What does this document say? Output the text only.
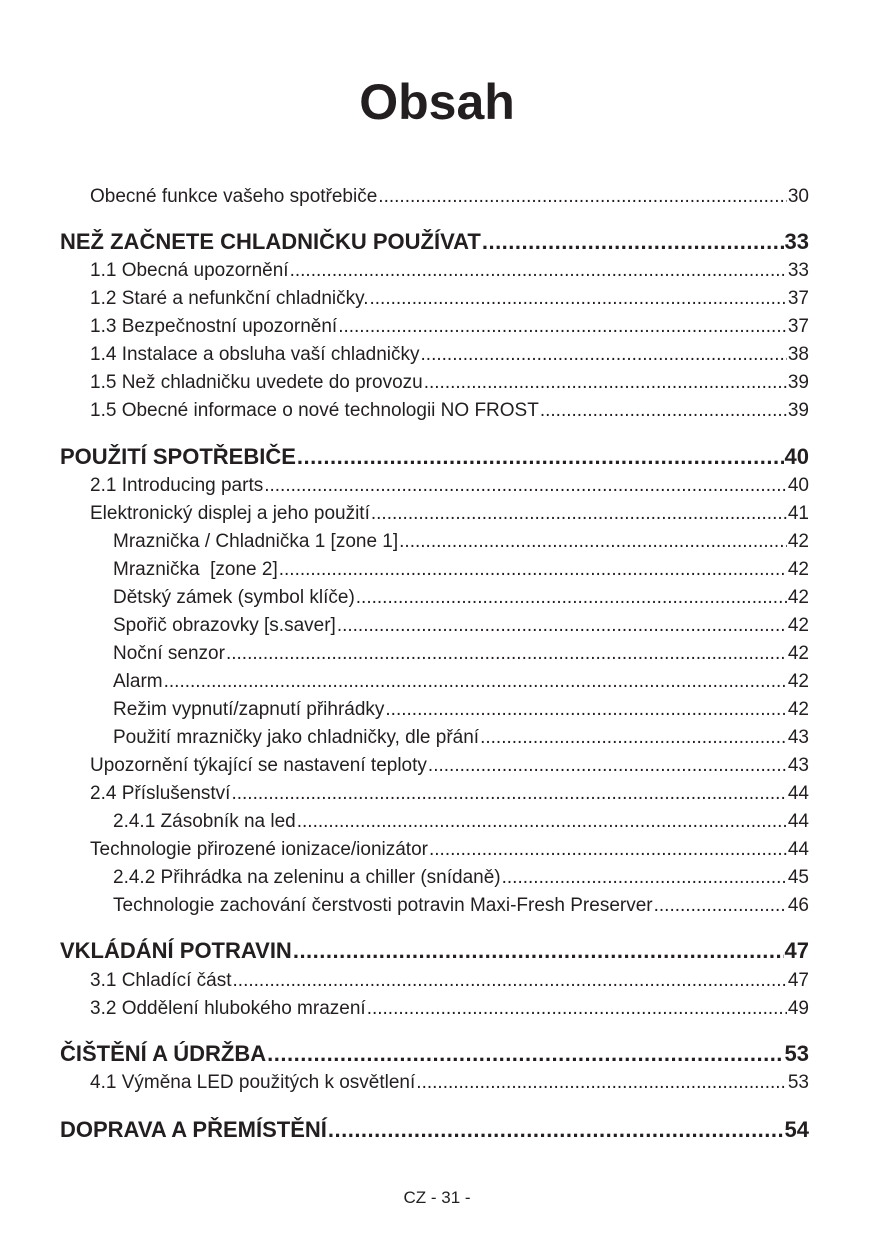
Obsah
Obecné funkce vašeho spotřebiče .....	30
NEŽ ZAČNETE CHLADNIČKU POUŽÍVAT .....	33
1.1 Obecná upozornění .....	33
1.2 Staré a nefunkční chladničky. .....	37
1.3 Bezpečnostní upozornění .....	37
1.4 Instalace a obsluha vaší chladničky .....	38
1.5 Než chladničku uvedete do provozu .....	39
1.5 Obecné informace o nové technologii NO FROST .....	39
POUŽITÍ SPOTŘEBIČE .....	40
2.1 Introducing parts .....	40
Elektronický displej a jeho použití .....	41
Mraznička / Chladnička 1 [zone 1] .....	42
Mraznička  [zone 2] .....	42
Dětský zámek (symbol klíče) .....	42
Spořič obrazovky [s.saver] .....	42
Noční senzor .....	42
Alarm .....	42
Režim vypnutí/zapnutí přihrádky .....	42
Použití mrazničky jako chladničky, dle přání .....	43
Upozornění týkající se nastavení teploty .....	43
2.4 Příslušenství .....	44
2.4.1 Zásobník na led .....	44
Technologie přirozené ionizace/ionizátor .....	44
2.4.2 Přihrádka na zeleninu a chiller (snídaně) .....	45
Technologie zachování čerstvosti potravin Maxi-Fresh Preserver .....	46
VKLÁDÁNÍ POTRAVIN .....	47
3.1 Chladící část .....	47
3.2 Oddělení hlubokého mrazení .....	49
ČIŠTĚNÍ A ÚDRŽBA .....	53
4.1 Výměna LED použitých k osvětlení .....	53
DOPRAVA A PŘEMÍSTĚNÍ .....	54
CZ - 31 -
